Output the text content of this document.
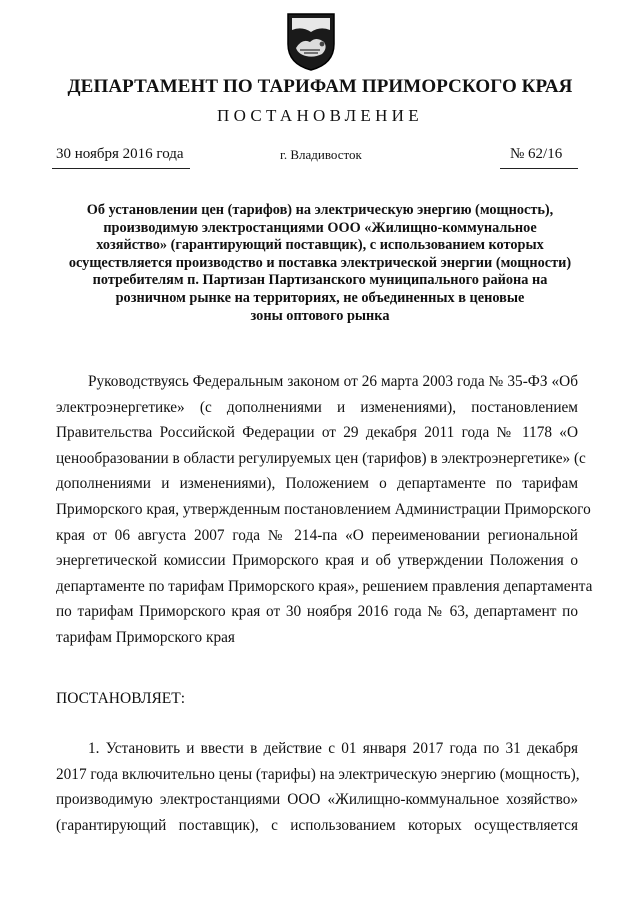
ДЕПАРТАМЕНТ ПО ТАРИФАМ ПРИМОРСКОГО КРАЯ
ПОСТАНОВЛЕНИЕ
30 ноября 2016 года	г. Владивосток	№ 62/16
Об установлении цен (тарифов) на электрическую энергию (мощность),
производимую электростанциями ООО «Жилищно-коммунальное
хозяйство» (гарантирующий поставщик), с использованием которых
осуществляется производство и поставка электрической энергии (мощности)
потребителям п. Партизан Партизанского муниципального района на
розничном рынке на территориях, не объединенных в ценовые
зоны оптового рынка
Руководствуясь Федеральным законом от 26 марта 2003 года № 35-ФЗ «Об
электроэнергетике» (с дополнениями и изменениями), постановлением
Правительства Российской Федерации от 29 декабря 2011 года № 1178 «О
ценообразовании в области регулируемых цен (тарифов) в электроэнергетике» (с
дополнениями и изменениями), Положением о департаменте по тарифам
Приморского края, утвержденным постановлением Администрации Приморского
края от 06 августа 2007 года № 214-па «О переименовании региональной
энергетической комиссии Приморского края и об утверждении Положения о
департаменте по тарифам Приморского края», решением правления департамента
по тарифам Приморского края от 30 ноября 2016 года № 63, департамент по
тарифам Приморского края
ПОСТАНОВЛЯЕТ:
1. Установить и ввести в действие с 01 января 2017 года по 31 декабря
2017 года включительно цены (тарифы) на электрическую энергию (мощность),
производимую электростанциями ООО «Жилищно-коммунальное хозяйство»
(гарантирующий поставщик), с использованием которых осуществляется
